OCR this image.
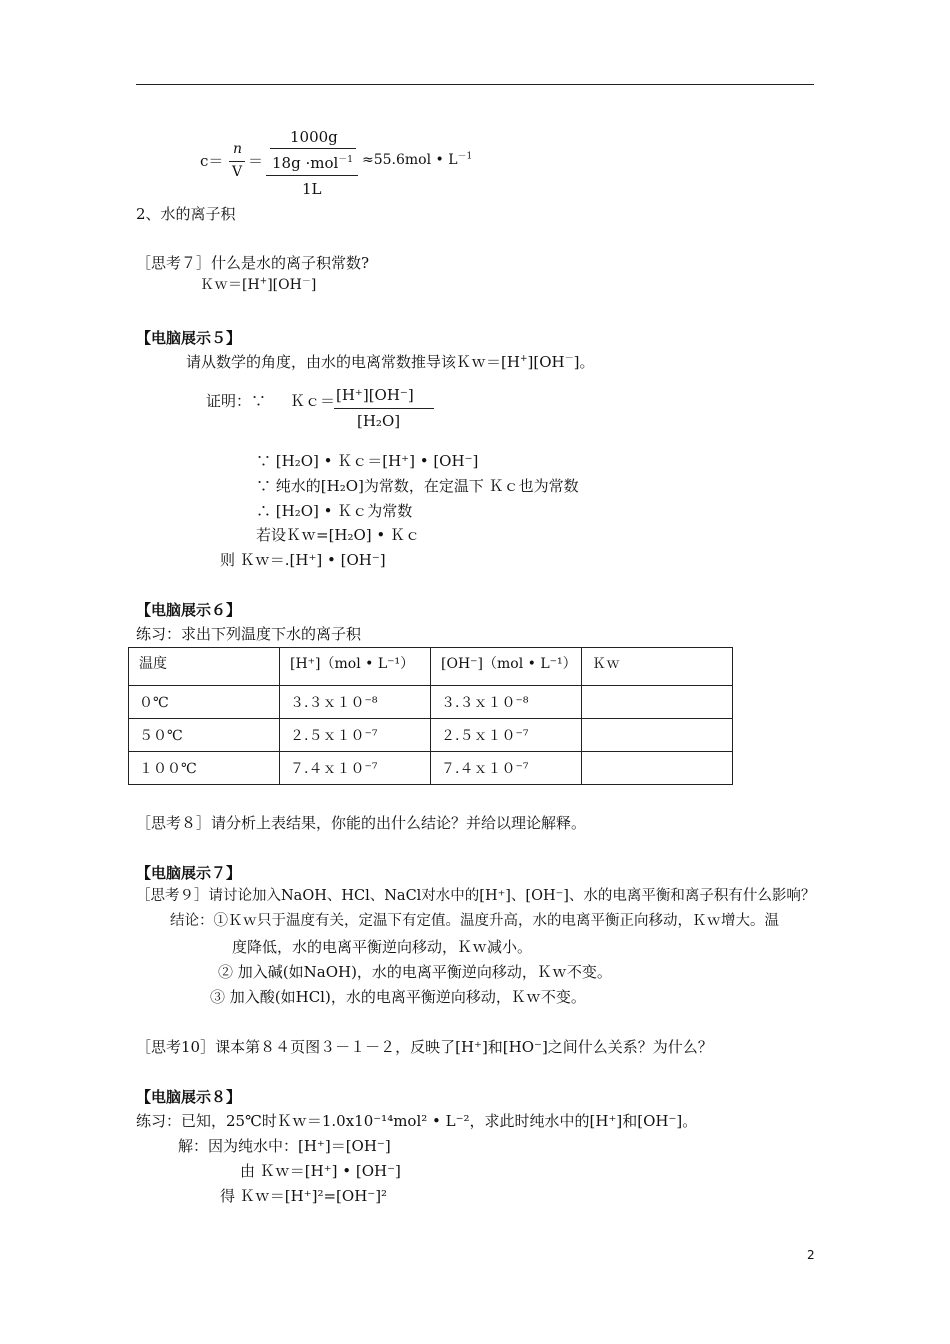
c＝
n
V
＝
1000g
18g ·mol$^{-1}$
1L
≈55.6mol • $L^{-1}$
2、水的离子积
［思考７］什么是水的离子积常数?
Ｋｗ＝[H+][OH－]
【电脑展示５】
请从数学的角度，由水的电离常数推导该Ｋｗ＝[H+][OH－]。
证明：∵ Ｋｃ＝ [H⁺][OH⁻]
[H₂O]
∵ [H₂O] • Ｋｃ＝[H⁺] • [OH⁻]
∵ 纯水的[H₂O]为常数，在定温下 Ｋｃ也为常数
∴ [H₂O] • Ｋｃ为常数
若设Ｋｗ=[H₂O] • Ｋｃ
则 Ｋｗ＝.[H⁺] • [OH⁻]
【电脑展示６】
练习：求出下列温度下水的离子积
温度	[H⁺]（mol • L⁻¹）	[OH⁻]（mol • L⁻¹）	Ｋｗ
０℃	３.３ｘ１０⁻⁸	３.３ｘ１０⁻⁸	
５０℃	２.５ｘ１０⁻⁷	２.５ｘ１０⁻⁷	
１００℃	７.４ｘ１０⁻⁷	７.４ｘ１０⁻⁷	
［思考８］请分析上表结果，你能的出什么结论？并给以理论解释。
【电脑展示７】
［思考９］请讨论加入NaOH、HCl、NaCl对水中的[H⁺]、[OH⁻]、水的电离平衡和离子积有什么影响？
结论：①Ｋｗ只于温度有关，定温下有定值。温度升高，水的电离平衡正向移动，Ｋｗ增大。温
度降低，水的电离平衡逆向移动，Ｋｗ减小。
② 加入碱(如NaOH)，水的电离平衡逆向移动，Ｋｗ不变。
③ 加入酸(如HCl)，水的电离平衡逆向移动，Ｋｗ不变。
［思考10］课本第８４页图３－１－２，反映了[H⁺]和[HO⁻]之间什么关系？为什么？
【电脑展示８】
练习：已知，25℃时Ｋｗ＝1.0x10⁻¹⁴mol² • L⁻²，求此时纯水中的[H⁺]和[OH⁻]。
解：因为纯水中：[H⁺]＝[OH⁻]
由 Ｋｗ＝[H⁺] • [OH⁻]
得 Ｋｗ＝[H⁺]²=[OH⁻]²
2
